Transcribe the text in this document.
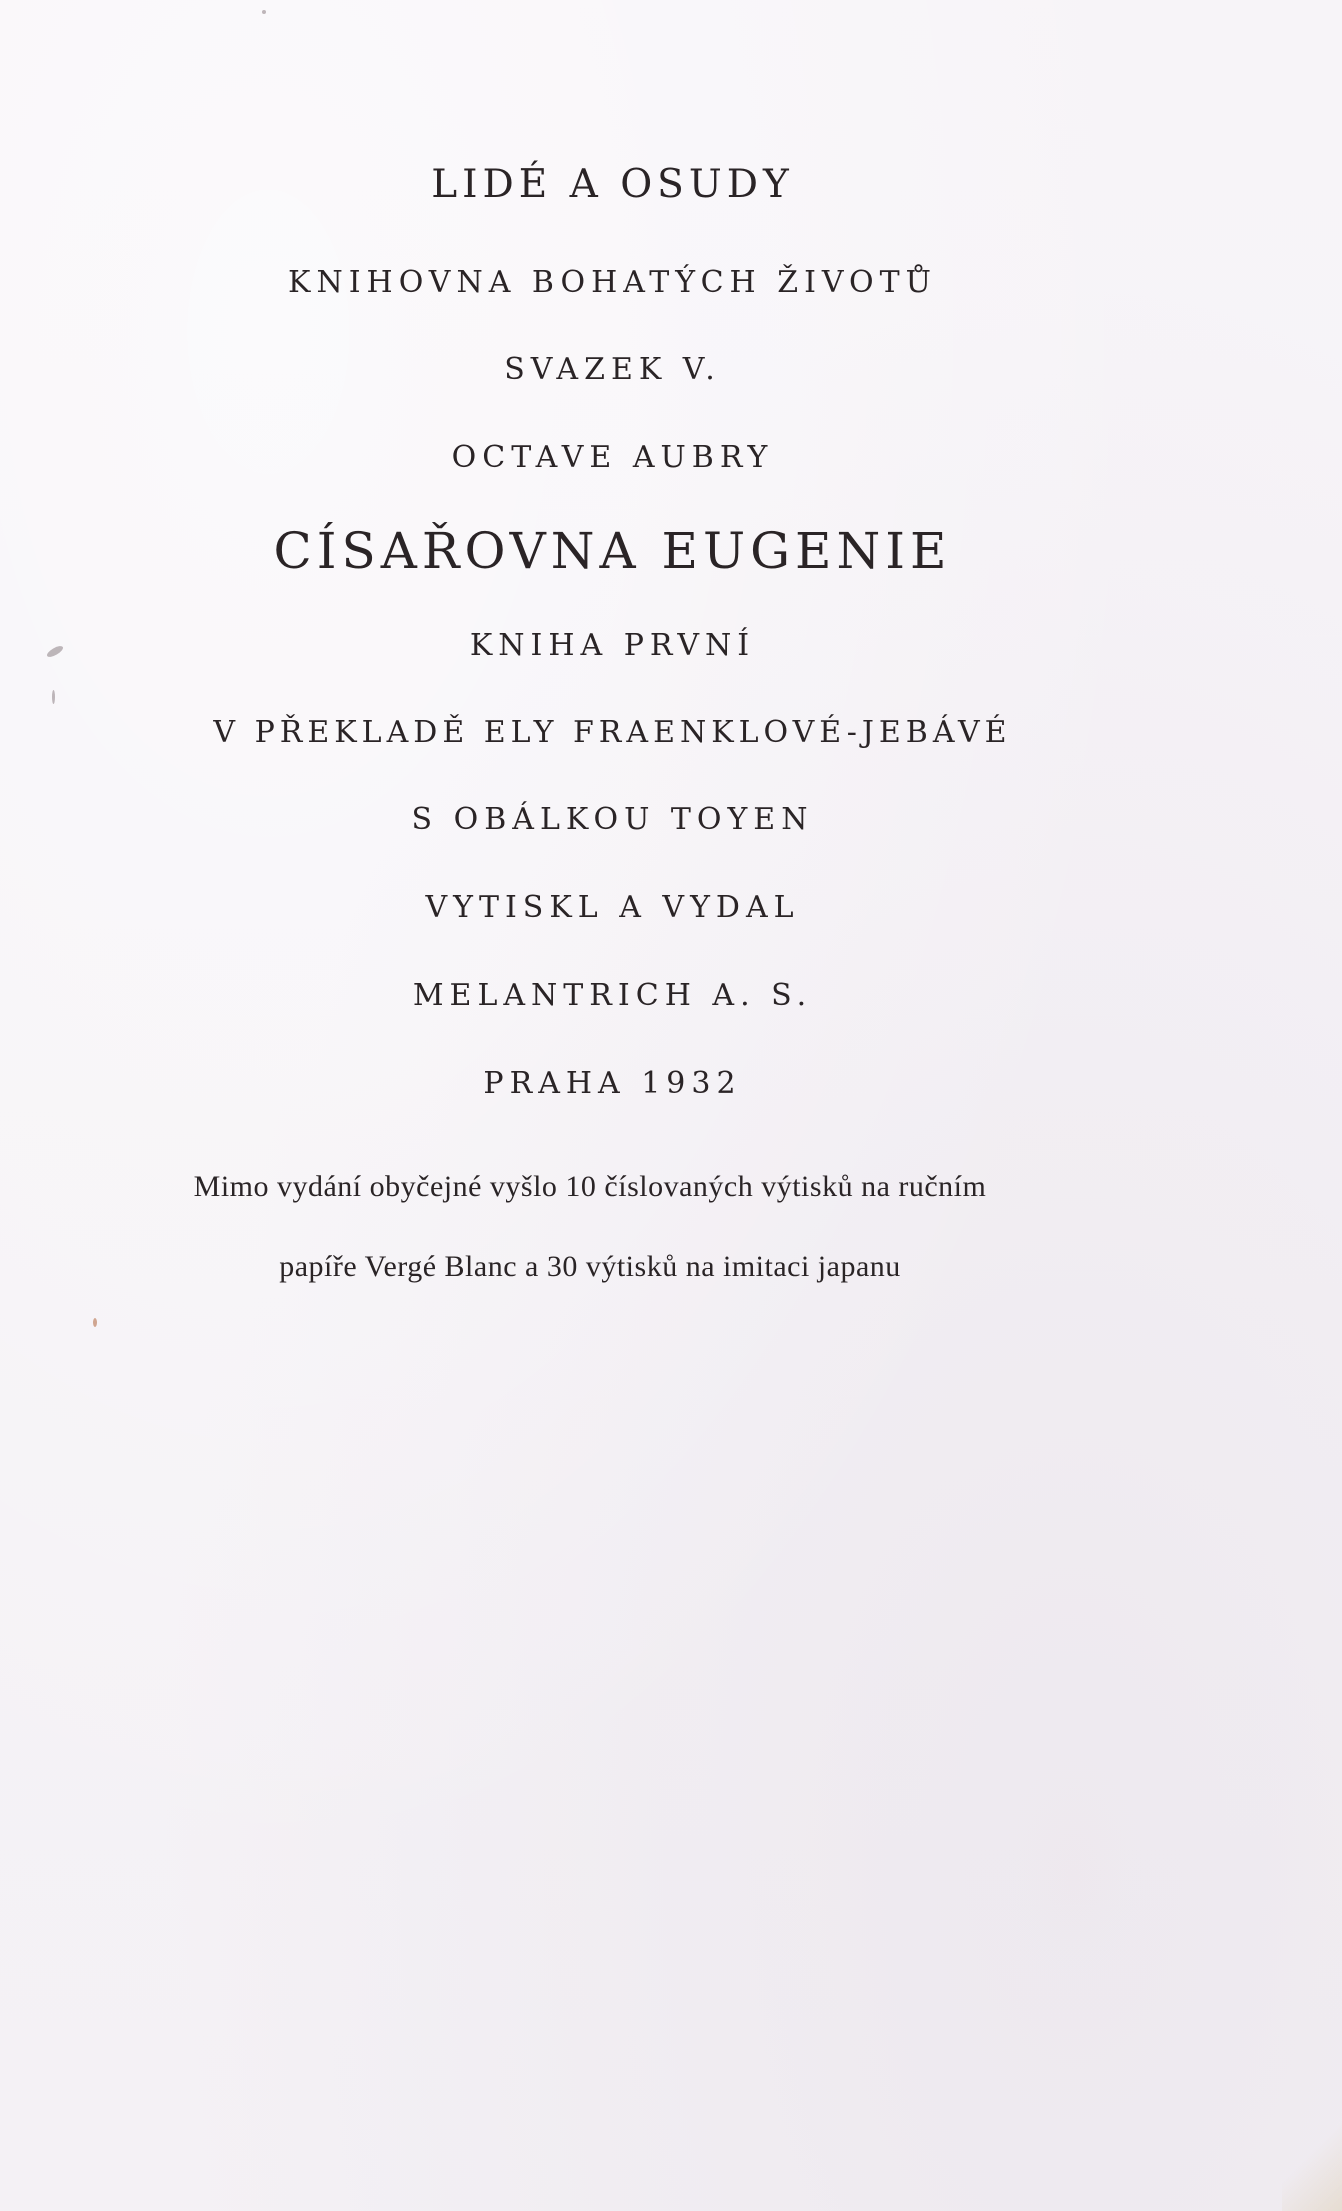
LIDÉ A OSUDY

KNIHOVNA BOHATÝCH ŽIVOTŮ

SVAZEK V.

OCTAVE AUBRY

CÍSAŘOVNA EUGENIE

KNIHA PRVNÍ

V PŘEKLADĚ ELY FRAENKLOVÉ-JEBÁVÉ

S OBÁLKOU TOYEN

VYTISKL A VYDAL

MELANTRICH A. S.

PRAHA 1932

Mimo vydání obyčejné vyšlo 10 číslovaných výtisků na ručním

papíře Vergé Blanc a 30 výtisků na imitaci japanu
